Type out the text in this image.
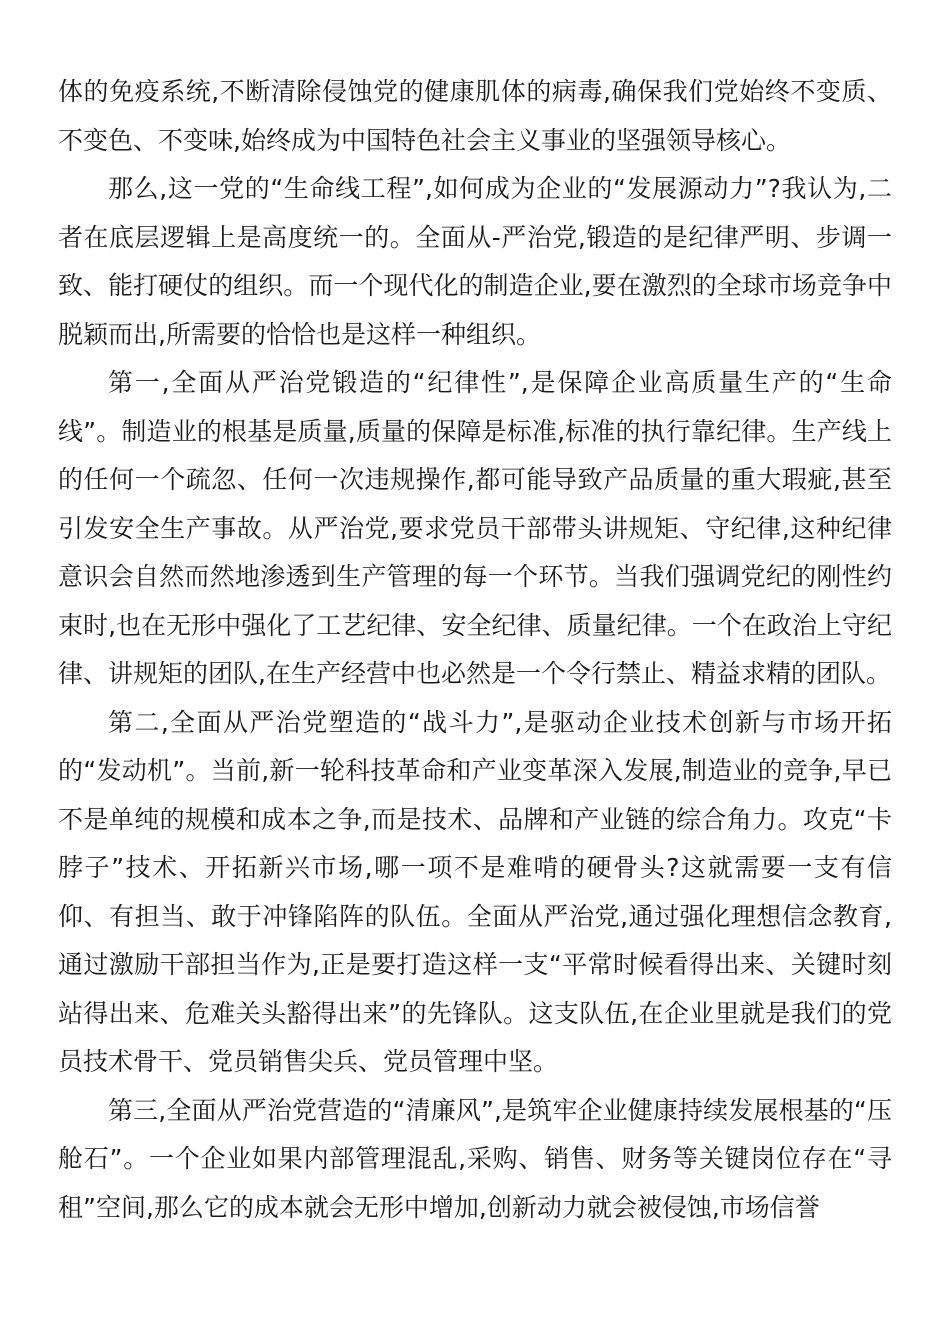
体的免疫系统,不断清除侵蚀党的健康肌体的病毒,确保我们党始终不变质、不变色、不变味,始终成为中国特色社会主义事业的坚强领导核心。

那么,这一党的“生命线工程”,如何成为企业的“发展源动力”?我认为,二者在底层逻辑上是高度统一的。全面从-严治党,锻造的是纪律严明、步调一致、能打硬仗的组织。而一个现代化的制造企业,要在激烈的全球市场竞争中脱颖而出,所需要的恰恰也是这样一种组织。

第一,全面从严治党锻造的“纪律性”,是保障企业高质量生产的“生命线”。制造业的根基是质量,质量的保障是标准,标准的执行靠纪律。生产线上的任何一个疏忽、任何一次违规操作,都可能导致产品质量的重大瑕疵,甚至引发安全生产事故。从严治党,要求党员干部带头讲规矩、守纪律,这种纪律意识会自然而然地渗透到生产管理的每一个环节。当我们强调党纪的刚性约束时,也在无形中强化了工艺纪律、安全纪律、质量纪律。一个在政治上守纪律、讲规矩的团队,在生产经营中也必然是一个令行禁止、精益求精的团队。

第二,全面从严治党塑造的“战斗力”,是驱动企业技术创新与市场开拓的“发动机”。当前,新一轮科技革命和产业变革深入发展,制造业的竞争,早已不是单纯的规模和成本之争,而是技术、品牌和产业链的综合角力。攻克“卡脖子”技术、开拓新兴市场,哪一项不是难啃的硬骨头?这就需要一支有信仰、有担当、敢于冲锋陷阵的队伍。全面从严治党,通过强化理想信念教育,通过激励干部担当作为,正是要打造这样一支“平常时候看得出来、关键时刻站得出来、危难关头豁得出来”的先锋队。这支队伍,在企业里就是我们的党员技术骨干、党员销售尖兵、党员管理中坚。

第三,全面从严治党营造的“清廉风”,是筑牢企业健康持续发展根基的“压舱石”。一个企业如果内部管理混乱,采购、销售、财务等关键岗位存在“寻租”空间,那么它的成本就会无形中增加,创新动力就会被侵蚀,市场信誉
